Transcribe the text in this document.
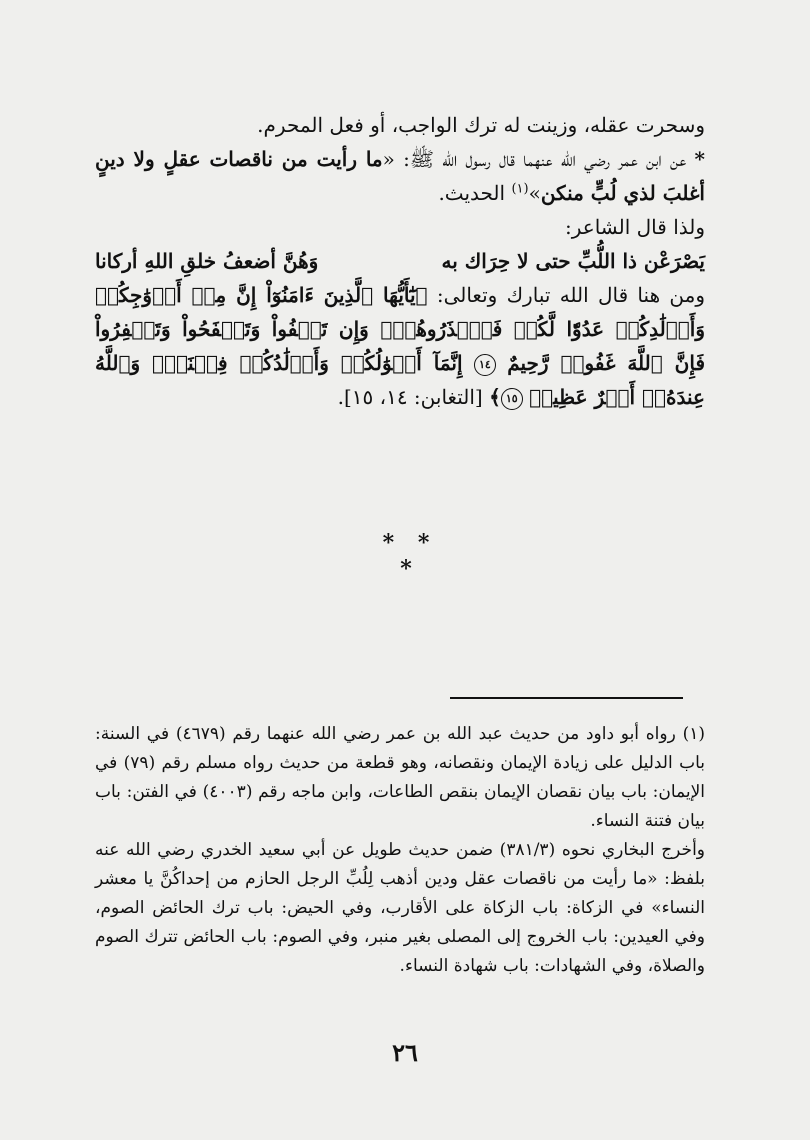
وسحرت عقله، وزينت له ترك الواجب، أو فعل المحرم.

* عن ابن عمر رضي الله عنهما قال رسول الله ﷺ: «ما رأيت من ناقصات عقلٍ ولا دينٍ أغلبَ لذي لُبٍّ منكن»$^{(١)}$ الحديث.

ولذا قال الشاعر:

يَصْرَعْن ذا اللُّبِّ حتى لا حِرَاك به
وَهُنَّ أضعفُ خلقِ اللهِ أركانا

ومن هنا قال الله تبارك وتعالى: ﴿يَٰٓأَيُّهَا ٱلَّذِينَ ءَامَنُوٓاْ إِنَّ مِنۡ أَزۡوَٰجِكُمۡ وَأَوۡلَٰدِكُمۡ عَدُوّٗا لَّكُمۡ فَٱحۡذَرُوهُمۡۚ وَإِن تَعۡفُواْ وَتَصۡفَحُواْ وَتَغۡفِرُواْ فَإِنَّ ٱللَّهَ غَفُورٞ رَّحِيمٌ ١٤ إِنَّمَآ أَمۡوَٰلُكُمۡ وَأَوۡلَٰدُكُمۡ فِتۡنَةٞۚ وَٱللَّهُ عِندَهُۥٓ أَجۡرٌ عَظِيمٞ ١٥﴾ [التغابن: ١٤، ١٥].

* * *

(١) رواه أبو داود من حديث عبد الله بن عمر رضي الله عنهما رقم (٤٦٧٩) في السنة: باب الدليل على زيادة الإيمان ونقصانه، وهو قطعة من حديث رواه مسلم رقم (٧٩) في الإيمان: باب بيان نقصان الإيمان بنقص الطاعات، وابن ماجه رقم (٤٠٠٣) في الفتن: باب بيان فتنة النساء.

وأخرج البخاري نحوه (٣٨١/٣) ضمن حديث طويل عن أبي سعيد الخدري رضي الله عنه بلفظ: «ما رأيت من ناقصات عقل ودين أذهب لِلُبِّ الرجل الحازم من إحداكُنَّ يا معشر النساء» في الزكاة: باب الزكاة على الأقارب، وفي الحيض: باب ترك الحائض الصوم، وفي العيدين: باب الخروج إلى المصلى بغير منبر، وفي الصوم: باب الحائض تترك الصوم والصلاة، وفي الشهادات: باب شهادة النساء.

٢٦
